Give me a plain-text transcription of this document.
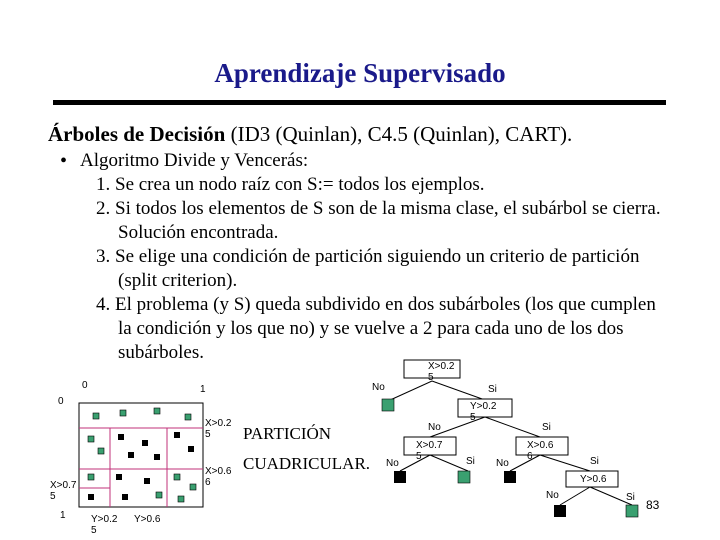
Aprendizaje Supervisado
Árboles de Decisión (ID3 (Quinlan), C4.5 (Quinlan), CART).
• Algoritmo Divide y Vencerás:
1. Se crea un nodo raíz con S:= todos los ejemplos.
2. Si todos los elementos de S son de la misma clase, el subárbol se cierra.
Solución encontrada.
3. Se elige una condición de partición siguiendo un criterio de partición
(split criterion).
4. El problema (y S) queda subdivido en dos subárboles (los que cumplen
la condición y los que no) y se vuelve a 2 para cada uno de los dos
subárboles.
PARTICIÓN
CUADRICULAR.
83
0	1
0
1
X>0.2
5
X>0.6
6
X>0.7
5
Y>0.2
5
Y>0.6
X>0.2
5
Y>0.2
5
X>0.7
5
X>0.6
6
Y>0.6
No	Si
No	Si
No	Si No	Si
No	Si
